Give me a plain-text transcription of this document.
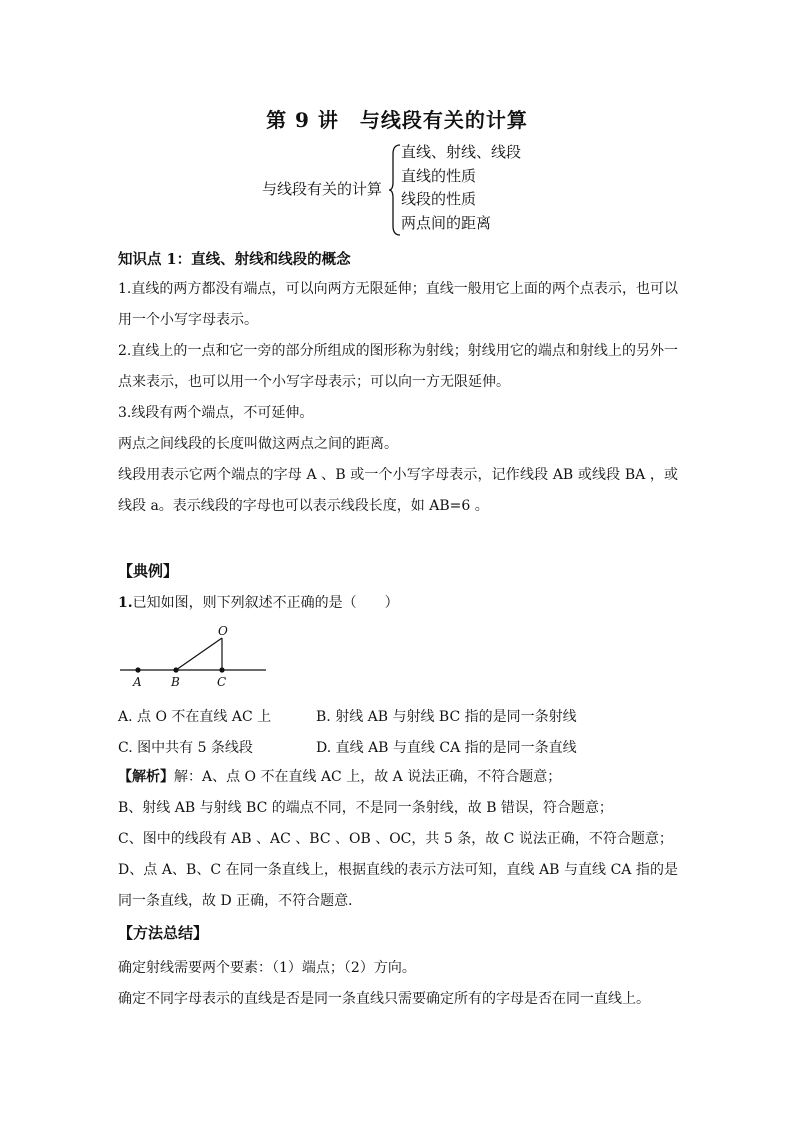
第 9 讲　与线段有关的计算
与线段有关的计算
直线、射线、线段
直线的性质
线段的性质
两点间的距离
知识点 1：直线、射线和线段的概念
1.直线的两方都没有端点，可以向两方无限延伸；直线一般用它上面的两个点表示，也可以用一个小写字母表示。
2.直线上的一点和它一旁的部分所组成的图形称为射线；射线用它的端点和射线上的另外一点来表示，也可以用一个小写字母表示；可以向一方无限延伸。
3.线段有两个端点，不可延伸。
两点之间线段的长度叫做这两点之间的距离。
线段用表示它两个端点的字母 A 、B 或一个小写字母表示，记作线段 AB 或线段 BA ，或线段 a。表示线段的字母也可以表示线段长度，如 AB=6 。
【典例】
1.已知如图，则下列叙述不正确的是（　　）
O
A B	C
A. 点 O 不在直线 AC 上	B. 射线 AB 与射线 BC 指的是同一条射线
C. 图中共有 5 条线段	D. 直线 AB 与直线 CA 指的是同一条直线
【解析】解：A、点 O 不在直线 AC 上，故 A 说法正确，不符合题意；
B、射线 AB 与射线 BC 的端点不同，不是同一条射线，故 B 错误，符合题意；
C、图中的线段有 AB 、AC 、BC 、OB 、OC，共 5 条，故 C 说法正确，不符合题意；
D、点 A、B、C 在同一条直线上，根据直线的表示方法可知，直线 AB 与直线 CA 指的是同一条直线，故 D 正确，不符合题意．
【方法总结】
确定射线需要两个要素：（1）端点；（2）方向。
确定不同字母表示的直线是否是同一条直线只需要确定所有的字母是否在同一直线上。
